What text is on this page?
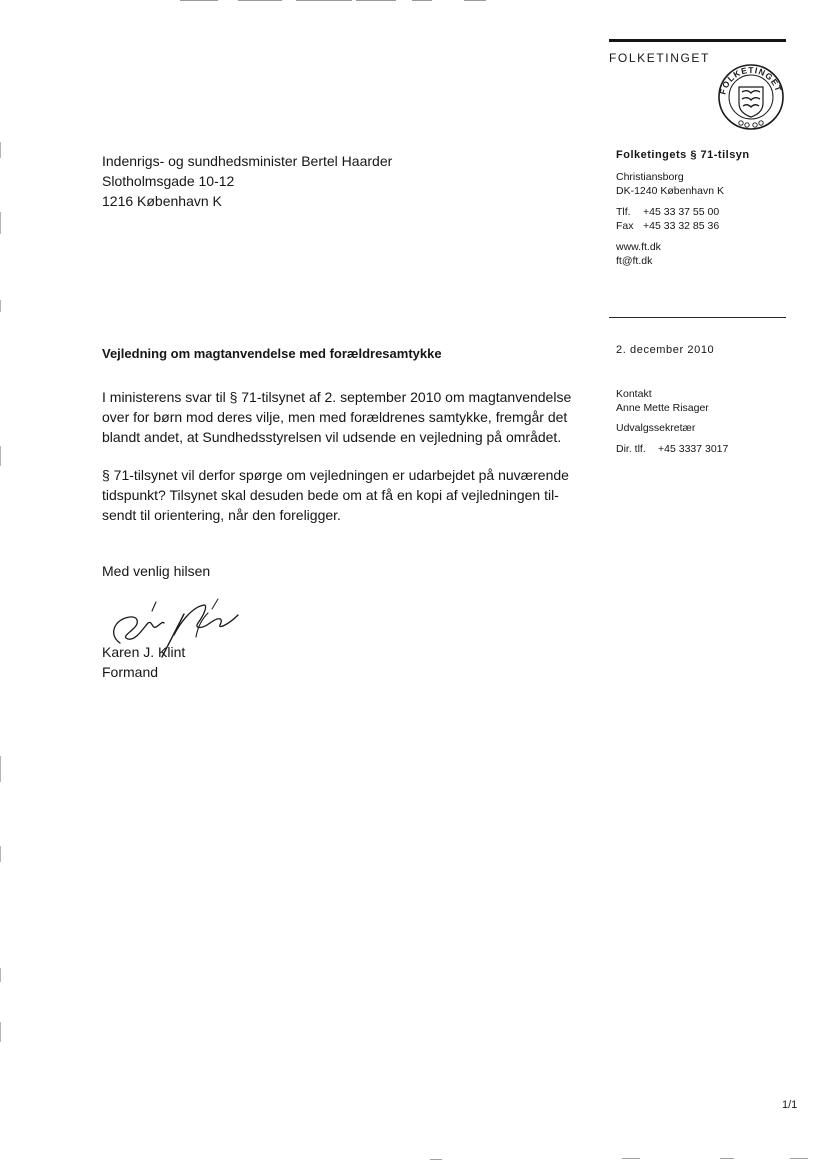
FOLKETINGET
FOLKETINGET
Indenrigs- og sundhedsminister Bertel Haarder
Slotholmsgade 10-12
1216 København K
Folketingets § 71-tilsyn
Christiansborg
DK-1240 København K
Tlf. +45 33 37 55 00
Fax +45 33 32 85 36
www.ft.dk
ft@ft.dk
2. december 2010
Kontakt
Anne Mette Risager
Udvalgssekretær
Dir. tlf. +45 3337 3017
Vejledning om magtanvendelse med forældresamtykke
I ministerens svar til § 71-tilsynet af 2. september 2010 om magtanvendelse
over for børn mod deres vilje, men med forældrenes samtykke, fremgår det
blandt andet, at Sundhedsstyrelsen vil udsende en vejledning på området.
§ 71-tilsynet vil derfor spørge om vejledningen er udarbejdet på nuværende
tidspunkt? Tilsynet skal desuden bede om at få en kopi af vejledningen til-
sendt til orientering, når den foreligger.
Med venlig hilsen
Karen J. Klint
Formand
1/1
